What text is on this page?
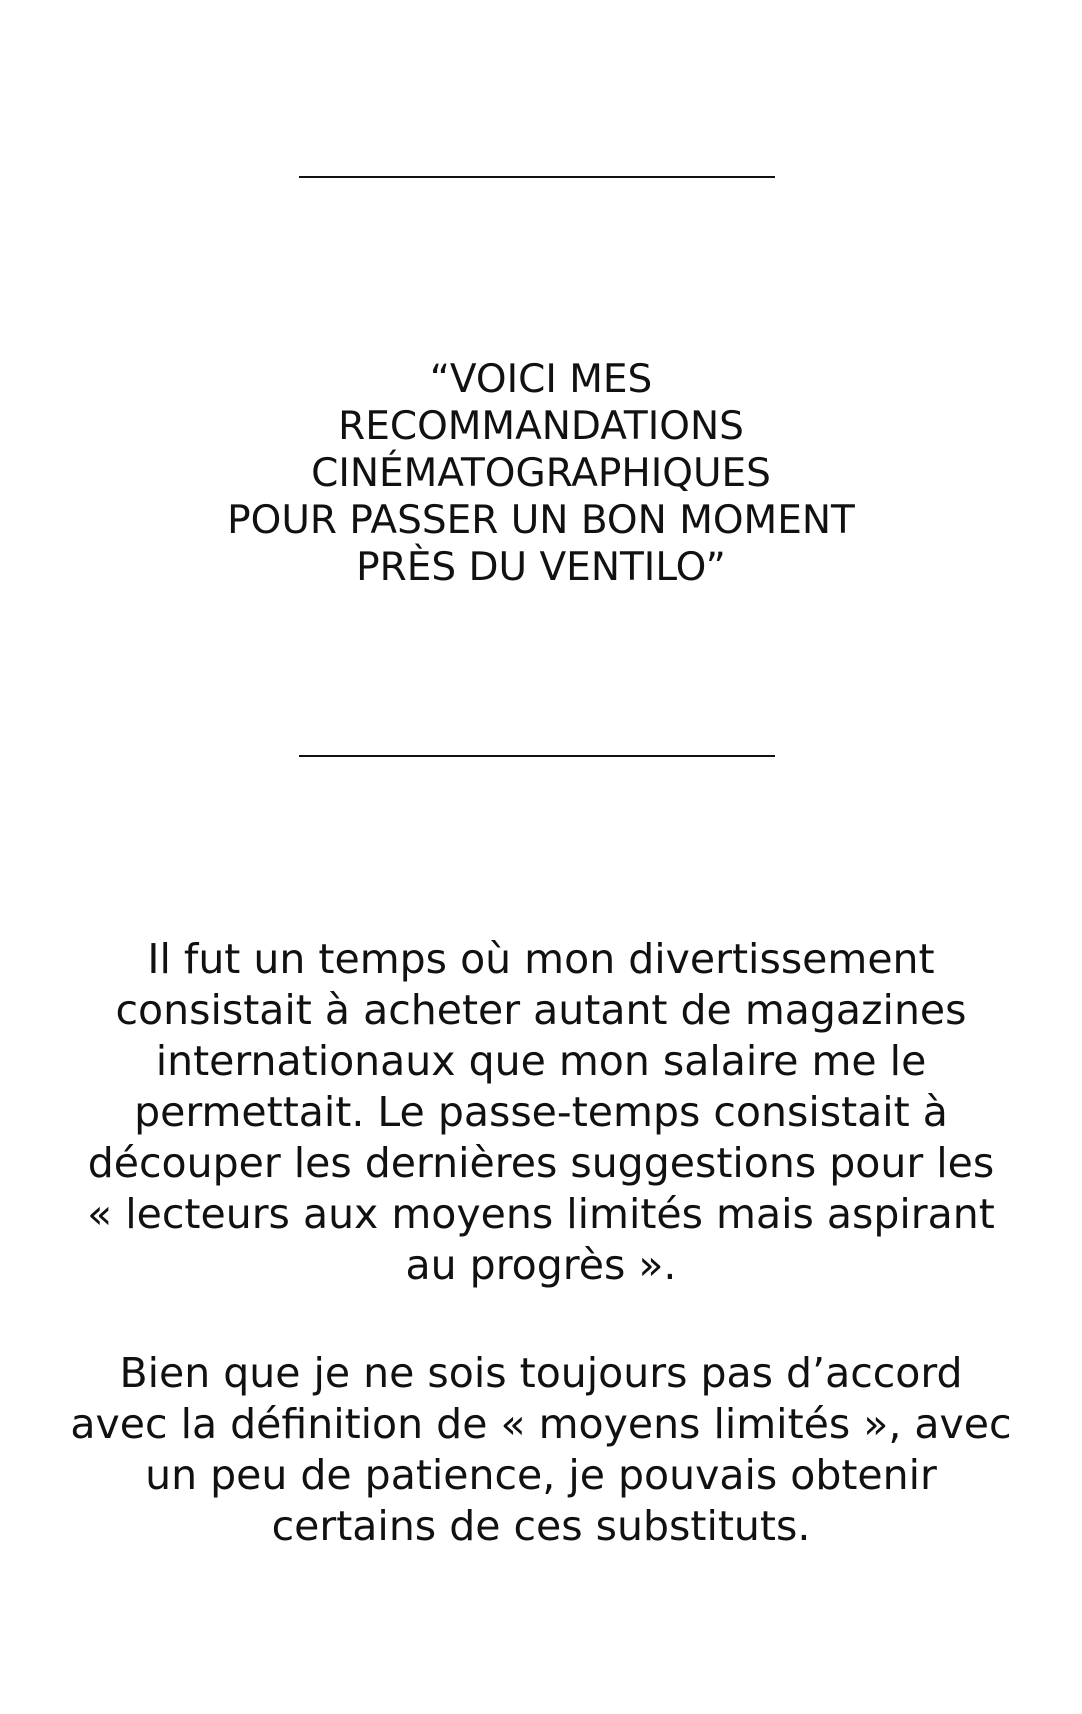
“VOICI MES
RECOMMANDATIONS
CINÉMATOGRAPHIQUES
POUR PASSER UN BON MOMENT
PRÈS DU VENTILO”
Il fut un temps où mon divertissement
consistait à acheter autant de magazines
internationaux que mon salaire me le
permettait. Le passe-temps consistait à
découper les dernières suggestions pour les
« lecteurs aux moyens limités mais aspirant
au progrès ».
Bien que je ne sois toujours pas d’accord
avec la définition de « moyens limités », avec
un peu de patience, je pouvais obtenir
certains de ces substituts.
